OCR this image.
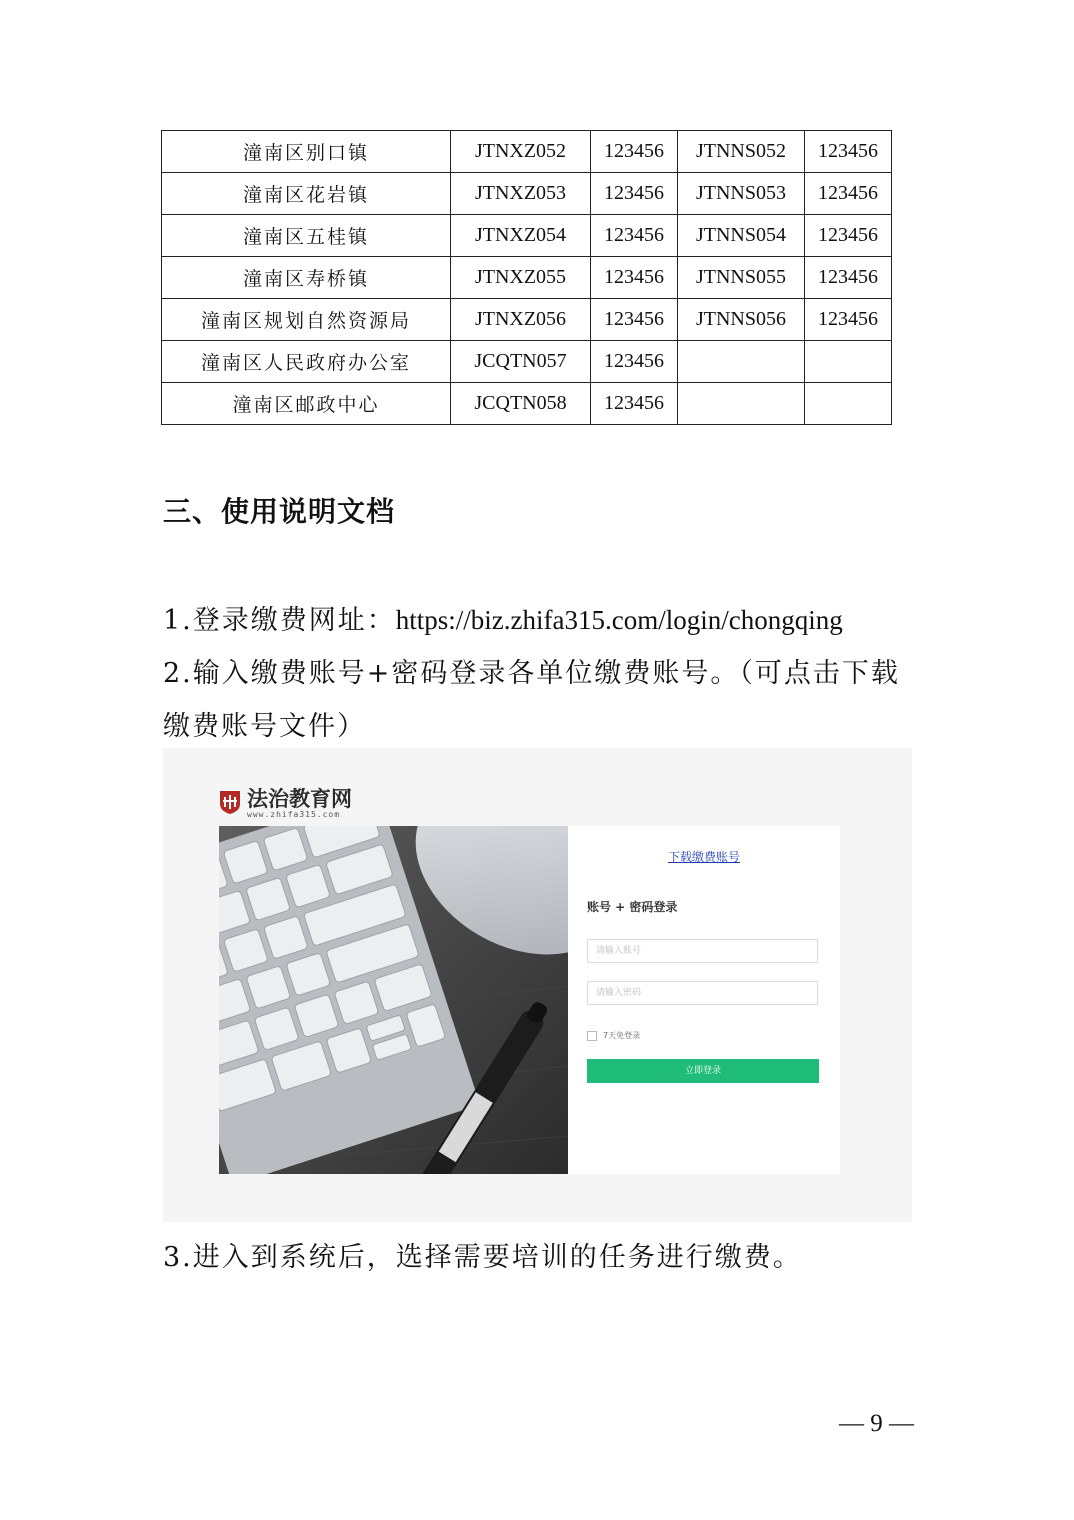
潼南区别口镇	JTNXZ052	123456	JTNNS052	123456
潼南区花岩镇	JTNXZ053	123456	JTNNS053	123456
潼南区五桂镇	JTNXZ054	123456	JTNNS054	123456
潼南区寿桥镇	JTNXZ055	123456	JTNNS055	123456
潼南区规划自然资源局	JTNXZ056	123456	JTNNS056	123456
潼南区人民政府办公室	JCQTN057	123456		
潼南区邮政中心	JCQTN058	123456		
三、使用说明文档
1.登录缴费网址：https://biz.zhifa315.com/login/chongqing
2.输入缴费账号+密码登录各单位缴费账号。（可点击下载缴费账号文件）
法治教育网
www.zhifa315.com
下载缴费账号
账号 + 密码登录
请输入账号
请输入密码
7天免登录
立即登录
3.进入到系统后，选择需要培训的任务进行缴费。
— 9 —
